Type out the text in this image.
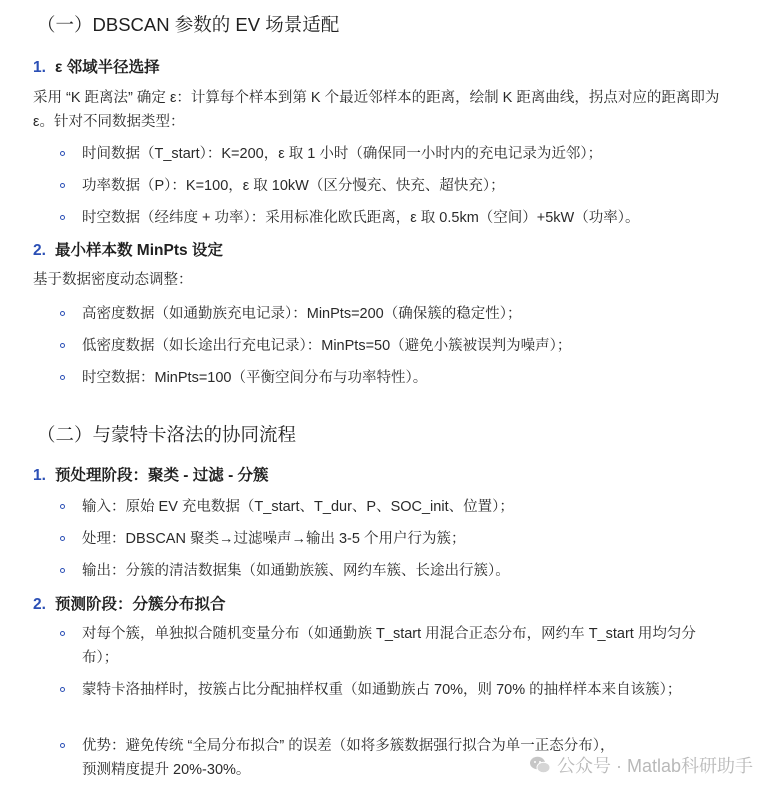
（一）DBSCAN 参数的 EV 场景适配
1. ε 邻域半径选择
采用 “K 距离法” 确定 ε：计算每个样本到第 K 个最近邻样本的距离，绘制 K 距离曲线，拐点对应的距离即为 ε。针对不同数据类型：
时间数据（T_start）：K=200，ε 取 1 小时（确保同一小时内的充电记录为近邻）；
功率数据（P）：K=100，ε 取 10kW（区分慢充、快充、超快充）；
时空数据（经纬度 + 功率）：采用标准化欧氏距离，ε 取 0.5km（空间）+5kW（功率）。
2. 最小样本数 MinPts 设定
基于数据密度动态调整：
高密度数据（如通勤族充电记录）：MinPts=200（确保簇的稳定性）；
低密度数据（如长途出行充电记录）：MinPts=50（避免小簇被误判为噪声）；
时空数据：MinPts=100（平衡空间分布与功率特性）。
（二）与蒙特卡洛法的协同流程
1. 预处理阶段：聚类 - 过滤 - 分簇
输入：原始 EV 充电数据（T_start、T_dur、P、SOC_init、位置）；
处理：DBSCAN 聚类→过滤噪声→输出 3-5 个用户行为簇；
输出：分簇的清洁数据集（如通勤族簇、网约车簇、长途出行簇）。
2. 预测阶段：分簇分布拟合
对每个簇，单独拟合随机变量分布（如通勤族 T_start 用混合正态分布，网约车 T_start 用均匀分布）；
蒙特卡洛抽样时，按簇占比分配抽样权重（如通勤族占 70%，则 70% 的抽样样本来自该簇）；
优势：避免传统 “全局分布拟合” 的误差（如将多簇数据强行拟合为单一正态分布），预测精度提升 20%-30%。	公众号 · Matlab科研助手
